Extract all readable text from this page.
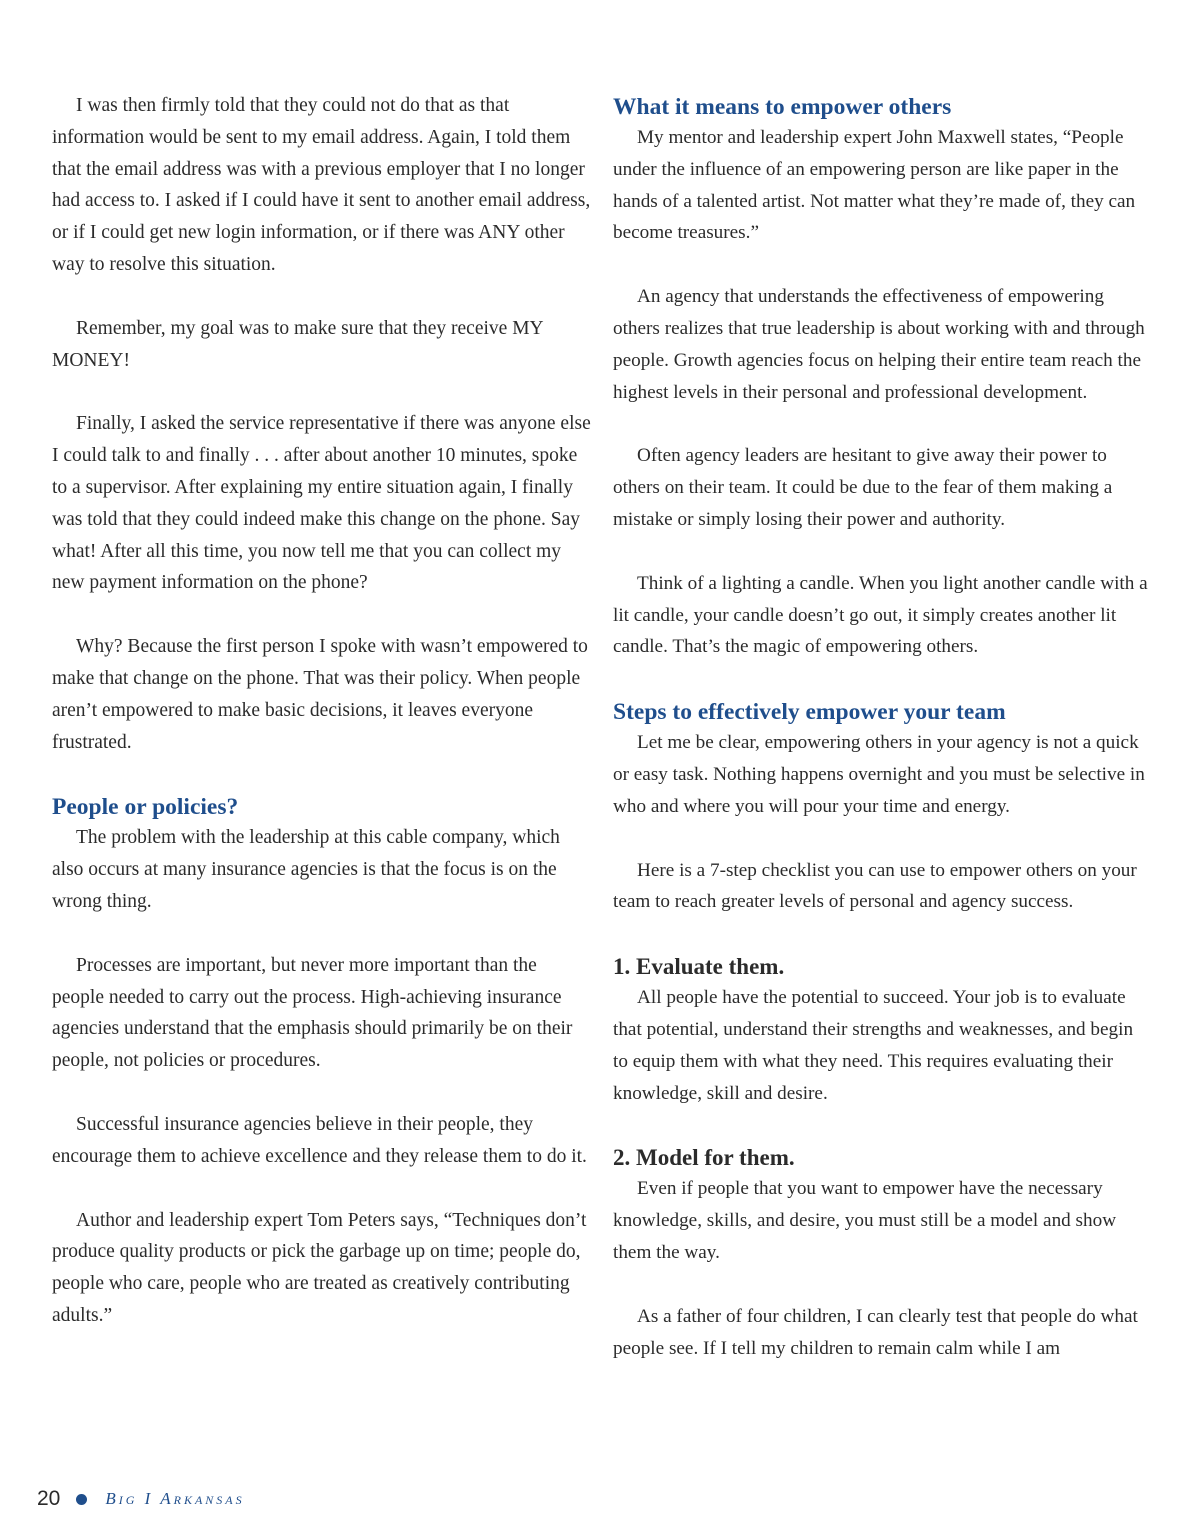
I was then firmly told that they could not do that as that information would be sent to my email address. Again, I told them that the email address was with a previous employer that I no longer had access to. I asked if I could have it sent to another email address, or if I could get new login information, or if there was ANY other way to resolve this situation.

Remember, my goal was to make sure that they receive MY MONEY!

Finally, I asked the service representative if there was anyone else I could talk to and finally . . . after about another 10 minutes, spoke to a supervisor. After explaining my entire situation again, I finally was told that they could indeed make this change on the phone. Say what! After all this time, you now tell me that you can collect my new payment information on the phone?

Why? Because the first person I spoke with wasn’t empowered to make that change on the phone. That was their policy. When people aren’t empowered to make basic decisions, it leaves everyone frustrated.

People or policies?

The problem with the leadership at this cable company, which also occurs at many insurance agencies is that the focus is on the wrong thing.

Processes are important, but never more important than the people needed to carry out the process. High-achieving insurance agencies understand that the emphasis should primarily be on their people, not policies or procedures.

Successful insurance agencies believe in their people, they encourage them to achieve excellence and they release them to do it.

Author and leadership expert Tom Peters says, “Techniques don’t produce quality products or pick the garbage up on time; people do, people who care, people who are treated as creatively contributing adults.”

What it means to empower others

My mentor and leadership expert John Maxwell states, “People under the influence of an empowering person are like paper in the hands of a talented artist. Not matter what they’re made of, they can become treasures.”

An agency that understands the effectiveness of empowering others realizes that true leadership is about working with and through people. Growth agencies focus on helping their entire team reach the highest levels in their personal and professional development.

Often agency leaders are hesitant to give away their power to others on their team. It could be due to the fear of them making a mistake or simply losing their power and authority.

Think of a lighting a candle. When you light another candle with a lit candle, your candle doesn’t go out, it simply creates another lit candle. That’s the magic of empowering others.

Steps to effectively empower your team

Let me be clear, empowering others in your agency is not a quick or easy task. Nothing happens overnight and you must be selective in who and where you will pour your time and energy.

Here is a 7-step checklist you can use to empower others on your team to reach greater levels of personal and agency success.

1. Evaluate them.

All people have the potential to succeed. Your job is to evaluate that potential, understand their strengths and weaknesses, and begin to equip them with what they need. This requires evaluating their knowledge, skill and desire.

2. Model for them.

Even if people that you want to empower have the necessary knowledge, skills, and desire, you must still be a model and show them the way.

As a father of four children, I can clearly test that people do what people see. If I tell my children to remain calm while I am

20	Big I Arkansas
